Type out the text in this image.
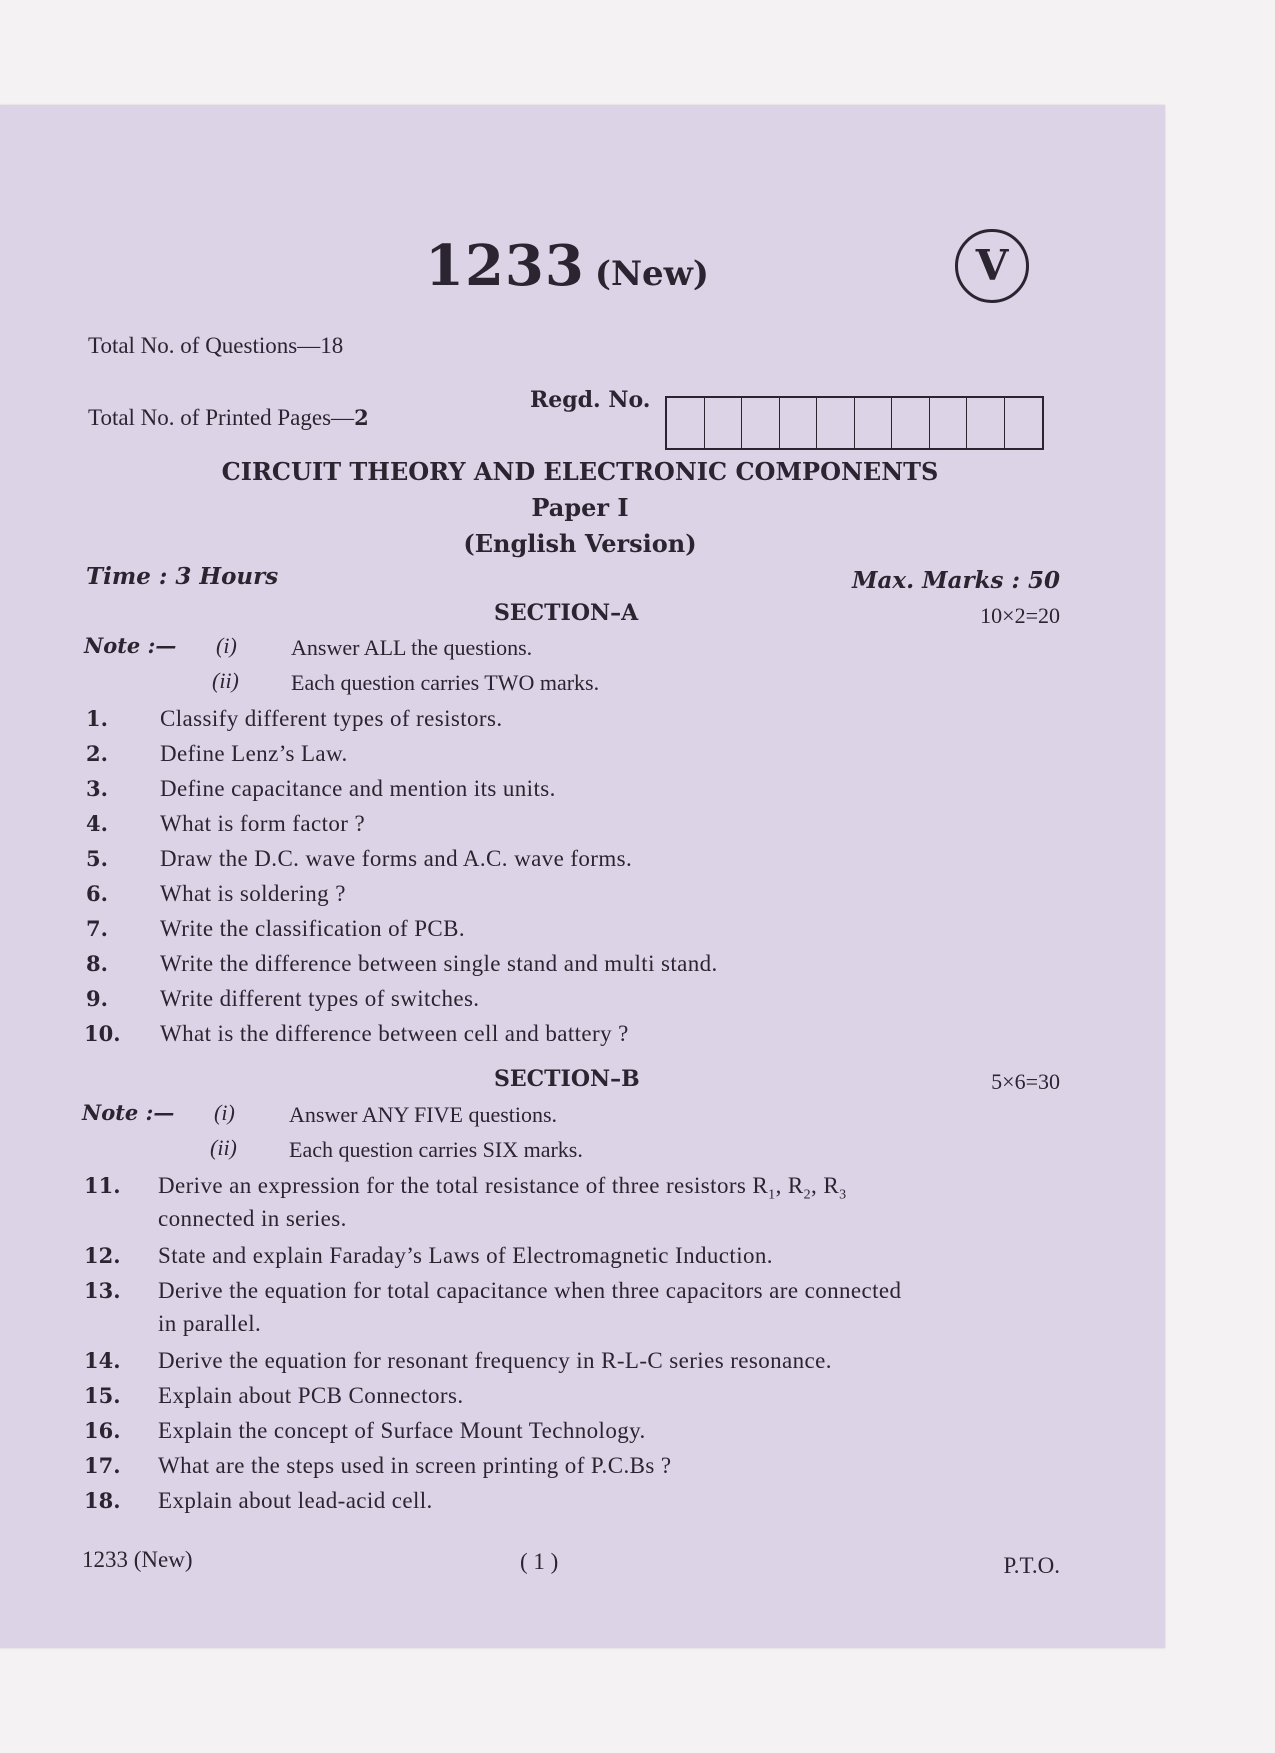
1233 (New)	V
Total No. of Questions—18
Total No. of Printed Pages—2
Regd. No.
CIRCUIT THEORY AND ELECTRONIC COMPONENTS
Paper I
(English Version)
Time : 3 Hours	Max. Marks : 50
SECTION–A	10×2=20
Note :— (i) Answer ALL the questions.
(ii) Each question carries TWO marks.
1. Classify different types of resistors.
2. Define Lenz’s Law.
3. Define capacitance and mention its units.
4. What is form factor ?
5. Draw the D.C. wave forms and A.C. wave forms.
6. What is soldering ?
7. Write the classification of PCB.
8. Write the difference between single stand and multi stand.
9. Write different types of switches.
10. What is the difference between cell and battery ?
SECTION–B	5×6=30
Note :— (i) Answer ANY FIVE questions.
(ii) Each question carries SIX marks.
11. Derive an expression for the total resistance of three resistors $R_1$, $R_2$, $R_3$
connected in series.
12. State and explain Faraday’s Laws of Electromagnetic Induction.
13. Derive the equation for total capacitance when three capacitors are connected
in parallel.
14. Derive the equation for resonant frequency in R-L-C series resonance.
15. Explain about PCB Connectors.
16. Explain the concept of Surface Mount Technology.
17. What are the steps used in screen printing of P.C.Bs ?
18. Explain about lead-acid cell.
1233 (New)	( 1 )	P.T.O.
